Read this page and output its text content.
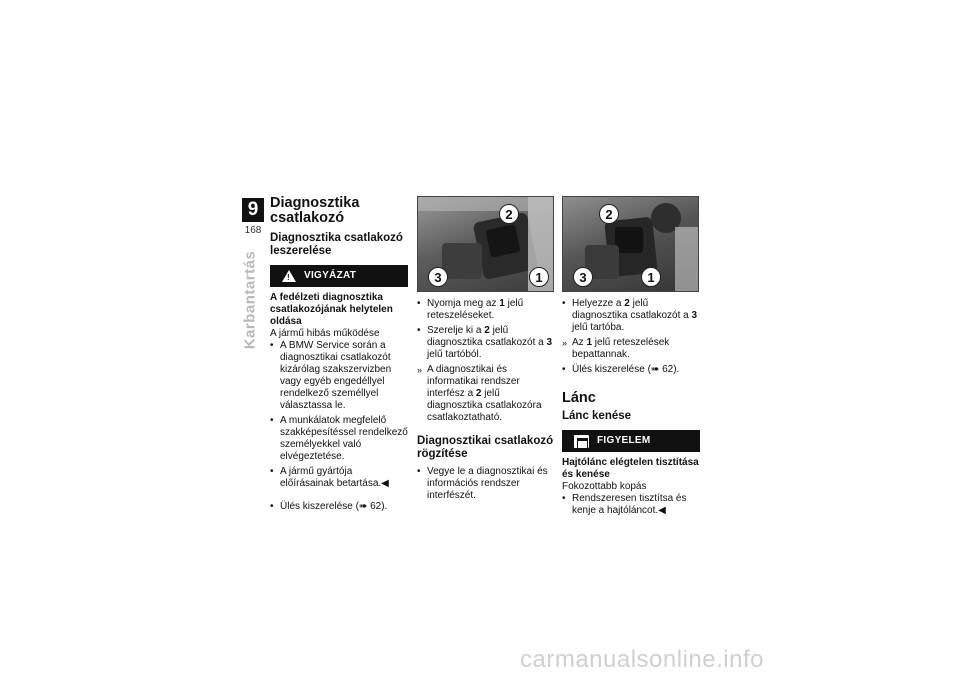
9
168
Karbantartás
Diagnosztika csatlakozó
Diagnosztika csatlakozó leszerelése
!
VIGYÁZAT
A fedélzeti diagnosztika csatlakozójának helytelen oldása
A jármű hibás működése
• A BMW Service során a diagnosztikai csatlakozót kizárólag szakszervizben vagy egyéb engedéllyel rendelkező személlyel választassa le.
• A munkálatok megfelelő szakképesítéssel rendelkező személyekkel való elvégeztetése.
• A jármű gyártója előírásainak betartása.◀
• Ülés kiszerelése (➠ 62).
2
3	1
• Nyomja meg az 1 jelű reteszeléseket.
• Szerelje ki a 2 jelű diagnosztika csatlakozót a 3 jelű tartóból.
» A diagnosztikai és informatikai rendszer interfész a 2 jelű diagnosztika csatlakozóra csatlakoztatható.
Diagnosztikai csatlakozó rögzítése
• Vegye le a diagnosztikai és információs rendszer interfészét.
2
3	1
• Helyezze a 2 jelű diagnosztika csatlakozót a 3 jelű tartóba.
» Az 1 jelű reteszelések bepattannak.
• Ülés kiszerelése (➠ 62).
Lánc
Lánc kenése
FIGYELEM
Hajtólánc elégtelen tisztítása és kenése
Fokozottabb kopás
• Rendszeresen tisztítsa és kenje a hajtóláncot.◀
carmanualsonline.info
